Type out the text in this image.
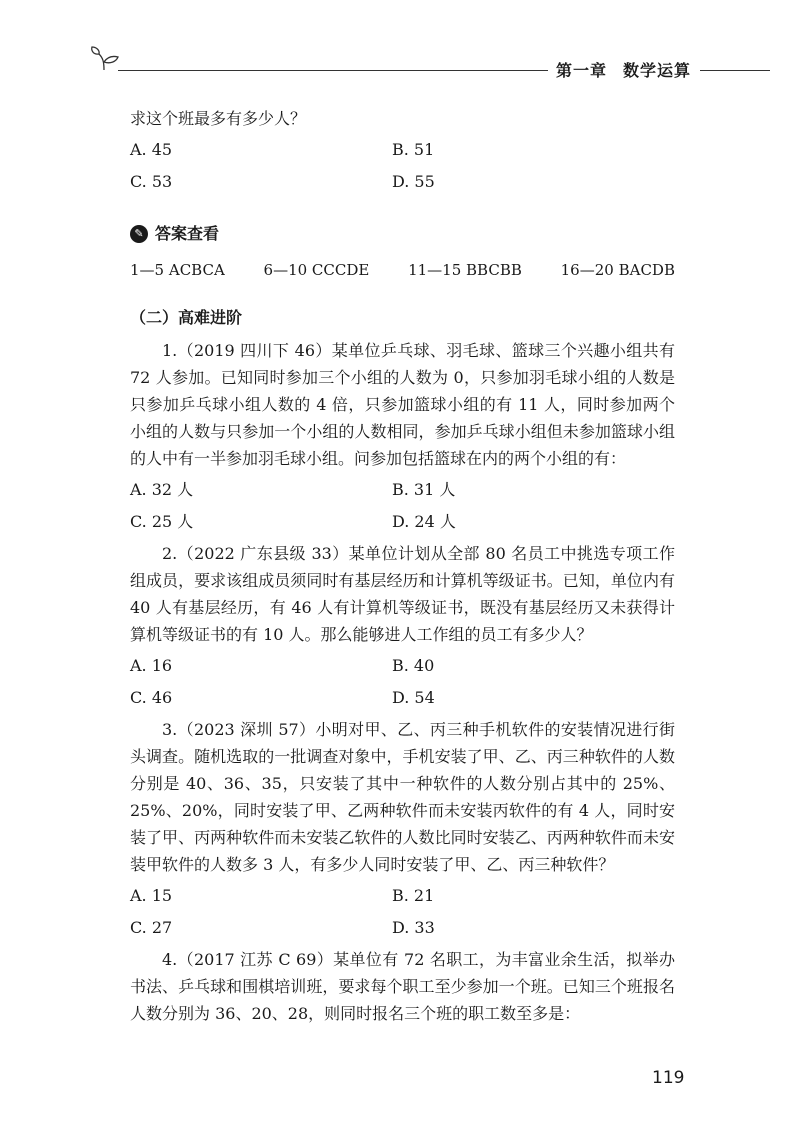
第一章 数学运算
求这个班最多有多少人？
A. 45	B. 51
C. 53	D. 55
✎ 答案查看
1—5 ACBCA	6—10 CCCDE	11—15 BBCBB	16—20 BACDB
（二）高难进阶

1.（2019 四川下 46）某单位乒乓球、羽毛球、篮球三个兴趣小组共有 72 人参加。已知同时参加三个小组的人数为 0，只参加羽毛球小组的人数是只参加乒乓球小组人数的 4 倍，只参加篮球小组的有 11 人，同时参加两个小组的人数与只参加一个小组的人数相同，参加乒乓球小组但未参加篮球小组的人中有一半参加羽毛球小组。问参加包括篮球在内的两个小组的有：

A. 32 人	B. 31 人
C. 25 人	D. 24 人

2.（2022 广东县级 33）某单位计划从全部 80 名员工中挑选专项工作组成员，要求该组成员须同时有基层经历和计算机等级证书。已知，单位内有 40 人有基层经历，有 46 人有计算机等级证书，既没有基层经历又未获得计算机等级证书的有 10 人。那么能够进人工作组的员工有多少人？

A. 16	B. 40
C. 46	D. 54

3.（2023 深圳 57）小明对甲、乙、丙三种手机软件的安装情况进行街头调查。随机选取的一批调查对象中，手机安装了甲、乙、丙三种软件的人数分别是 40、36、35，只安装了其中一种软件的人数分别占其中的 25%、25%、20%，同时安装了甲、乙两种软件而未安装丙软件的有 4 人，同时安装了甲、丙两种软件而未安装乙软件的人数比同时安装乙、丙两种软件而未安装甲软件的人数多 3 人，有多少人同时安装了甲、乙、丙三种软件？

A. 15	B. 21
C. 27	D. 33

4.（2017 江苏 C 69）某单位有 72 名职工，为丰富业余生活，拟举办书法、乒乓球和围棋培训班，要求每个职工至少参加一个班。已知三个班报名人数分别为 36、20、28，则同时报名三个班的职工数至多是：

119
